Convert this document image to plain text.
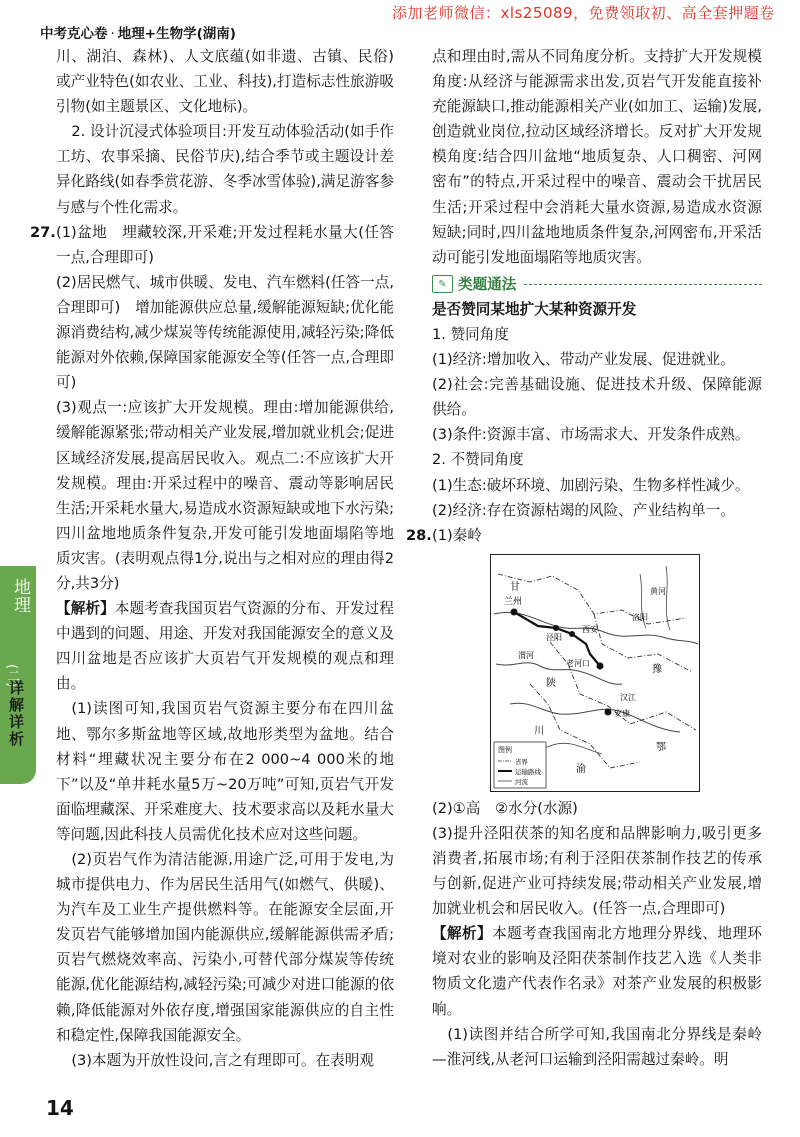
添加老师微信：xls25089，免费领取初、高全套押题卷
中考克心卷 · 地理+生物学(湖南)
地理
(二)
详解详析

川、湖泊、森林)、人文底蕴(如非遗、古镇、民俗)或产业特色(如农业、工业、科技),打造标志性旅游吸引物(如主题景区、文化地标)。

2. 设计沉浸式体验项目:开发互动体验活动(如手作工坊、农事采摘、民俗节庆),结合季节或主题设计差异化路线(如春季赏花游、冬季冰雪体验),满足游客参与感与个性化需求。

27.(1)盆地　埋藏较深,开采难;开发过程耗水量大(任答一点,合理即可)

(2)居民燃气、城市供暖、发电、汽车燃料(任答一点,合理即可)　增加能源供应总量,缓解能源短缺;优化能源消费结构,减少煤炭等传统能源使用,减轻污染;降低能源对外依赖,保障国家能源安全等(任答一点,合理即可)

(3)观点一:应该扩大开发规模。理由:增加能源供给,缓解能源紧张;带动相关产业发展,增加就业机会;促进区域经济发展,提高居民收入。观点二:不应该扩大开发规模。理由:开采过程中的噪音、震动等影响居民生活;开采耗水量大,易造成水资源短缺或地下水污染;四川盆地地质条件复杂,开发可能引发地面塌陷等地质灾害。(表明观点得1分,说出与之相对应的理由得2分,共3分)

【解析】本题考查我国页岩气资源的分布、开发过程中遇到的问题、用途、开发对我国能源安全的意义及四川盆地是否应该扩大页岩气开发规模的观点和理由。

(1)读图可知,我国页岩气资源主要分布在四川盆地、鄂尔多斯盆地等区域,故地形类型为盆地。结合材料“埋藏状况主要分布在2 000~4 000米的地下”以及“单井耗水量5万~20万吨”可知,页岩气开发面临埋藏深、开采难度大、技术要求高以及耗水量大等问题,因此科技人员需优化技术应对这些问题。

(2)页岩气作为清洁能源,用途广泛,可用于发电,为城市提供电力、作为居民生活用气(如燃气、供暖)、为汽车及工业生产提供燃料等。在能源安全层面,开发页岩气能够增加国内能源供应,缓解能源供需矛盾;页岩气燃烧效率高、污染小,可替代部分煤炭等传统能源,优化能源结构,减轻污染;可减少对进口能源的依赖,降低能源对外依存度,增强国家能源供应的自主性和稳定性,保障我国能源安全。

(3)本题为开放性设问,言之有理即可。在表明观

点和理由时,需从不同角度分析。支持扩大开发规模角度:从经济与能源需求出发,页岩气开发能直接补充能源缺口,推动能源相关产业(如加工、运输)发展,创造就业岗位,拉动区域经济增长。反对扩大开发规模角度:结合四川盆地“地质复杂、人口稠密、河网密布”的特点,开采过程中的噪音、震动会干扰居民生活;开采过程中会消耗大量水资源,易造成水资源短缺;同时,四川盆地地质条件复杂,河网密布,开采活动可能引发地面塌陷等地质灾害。

✎ 类题通法

是否赞同某地扩大某种资源开发

1. 赞同角度

(1)经济:增加收入、带动产业发展、促进就业。

(2)社会:完善基础设施、促进技术升级、保障能源供给。

(3)条件:资源丰富、市场需求大、开发条件成熟。

2. 不赞同角度

(1)生态:破坏环境、加剧污染、生物多样性减少。

(2)经济:存在资源枯竭的风险、产业结构单一。

28.(1)秦岭

兰州
西安
洛阳
老河口
泾阳
安康
陕
甘
豫
鄂
川
渝
渭河
汉江
黄河
图例
省界
运输路线
河流

(2)①高　②水分(水源)

(3)提升泾阳茯茶的知名度和品牌影响力,吸引更多消费者,拓展市场;有利于泾阳茯茶制作技艺的传承与创新,促进产业可持续发展;带动相关产业发展,增加就业机会和居民收入。(任答一点,合理即可)

【解析】本题考查我国南北方地理分界线、地理环境对农业的影响及泾阳茯茶制作技艺入选《人类非物质文化遗产代表作名录》对茶产业发展的积极影响。

(1)读图并结合所学可知,我国南北分界线是秦岭—淮河线,从老河口运输到泾阳需越过秦岭。明

14
